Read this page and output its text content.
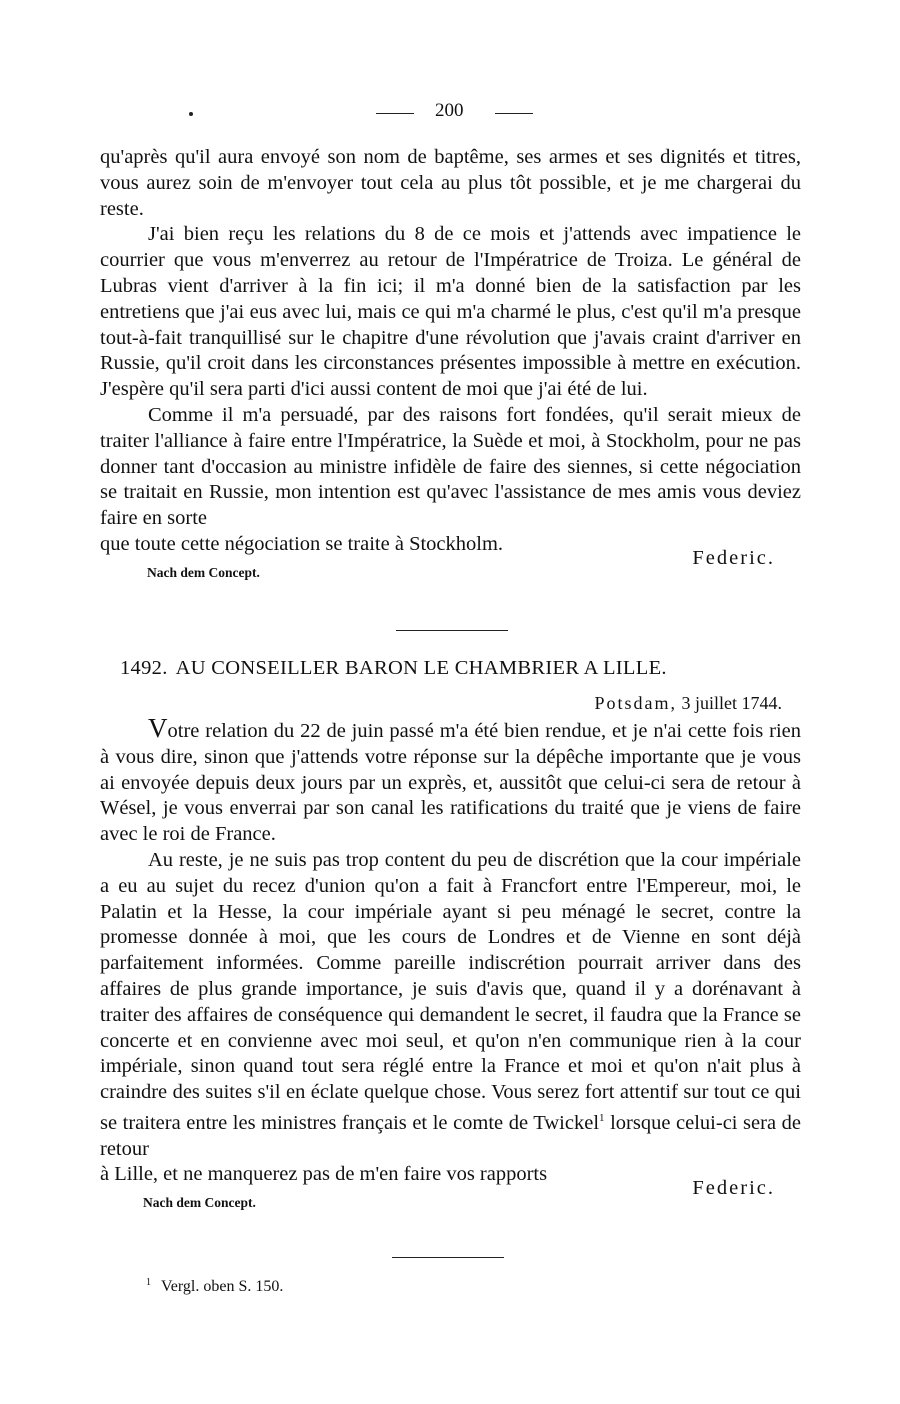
200

qu'après qu'il aura envoyé son nom de baptême, ses armes et ses dignités et titres, vous aurez soin de m'envoyer tout cela au plus tôt possible, et je me chargerai du reste.

J'ai bien reçu les relations du 8 de ce mois et j'attends avec impatience le courrier que vous m'enverrez au retour de l'Impératrice de Troiza. Le général de Lubras vient d'arriver à la fin ici; il m'a donné bien de la satisfaction par les entretiens que j'ai eus avec lui, mais ce qui m'a charmé le plus, c'est qu'il m'a presque tout-à-fait tranquillisé sur le chapitre d'une révolution que j'avais craint d'arriver en Russie, qu'il croit dans les circonstances présentes impossible à mettre en exécution. J'espère qu'il sera parti d'ici aussi content de moi que j'ai été de lui.

Comme il m'a persuadé, par des raisons fort fondées, qu'il serait mieux de traiter l'alliance à faire entre l'Impératrice, la Suède et moi, à Stockholm, pour ne pas donner tant d'occasion au ministre infidèle de faire des siennes, si cette négociation se traitait en Russie, mon intention est qu'avec l'assistance de mes amis vous deviez faire en sorte

que toute cette négociation se traite à Stockholm.
Federic.
Nach dem Concept.
1492. AU CONSEILLER BARON LE CHAMBRIER A LILLE.
Potsdam, 3 juillet 1744.

Votre relation du 22 de juin passé m'a été bien rendue, et je n'ai cette fois rien à vous dire, sinon que j'attends votre réponse sur la dépêche importante que je vous ai envoyée depuis deux jours par un exprès, et, aussitôt que celui-ci sera de retour à Wésel, je vous enverrai par son canal les ratifications du traité que je viens de faire avec le roi de France.

Au reste, je ne suis pas trop content du peu de discrétion que la cour impériale a eu au sujet du recez d'union qu'on a fait à Francfort entre l'Empereur, moi, le Palatin et la Hesse, la cour impériale ayant si peu ménagé le secret, contre la promesse donnée à moi, que les cours de Londres et de Vienne en sont déjà parfaitement informées. Comme pareille indiscrétion pourrait arriver dans des affaires de plus grande importance, je suis d'avis que, quand il y a dorénavant à traiter des affaires de conséquence qui demandent le secret, il faudra que la France se concerte et en convienne avec moi seul, et qu'on n'en communique rien à la cour impériale, sinon quand tout sera réglé entre la France et moi et qu'on n'ait plus à craindre des suites s'il en éclate quelque chose. Vous serez fort attentif sur tout ce qui se traitera entre les ministres français et le comte de Twickel$^1$ lorsque celui-ci sera de retour

à Lille, et ne manquerez pas de m'en faire vos rapports
Federic.
Nach dem Concept.
$^1$ Vergl. oben S. 150.
